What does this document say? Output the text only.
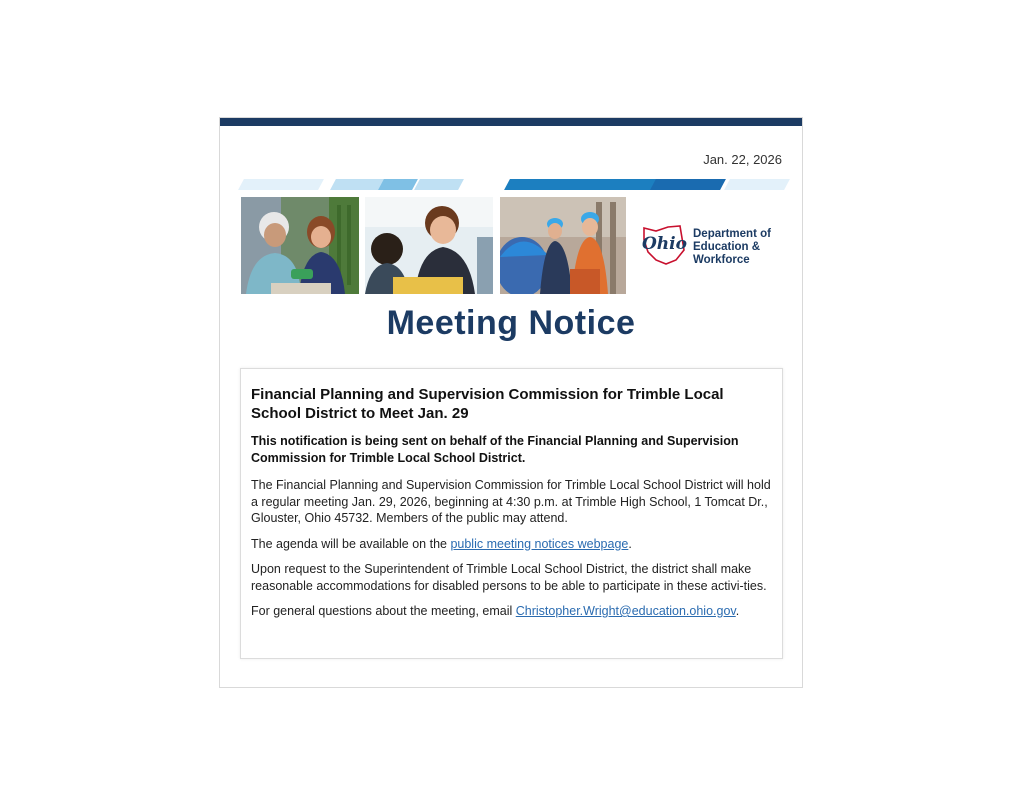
Jan. 22, 2026
Ohio Department of
Education &
Workforce
Meeting Notice

Financial Planning and Supervision Commission for Trimble Local School District to Meet Jan. 29

This notification is being sent on behalf of the Financial Planning and Supervision Commission for Trimble Local School District.

The Financial Planning and Supervision Commission for Trimble Local School District will hold a regular meeting Jan. 29, 2026, beginning at 4:30 p.m. at Trimble High School, 1 Tomcat Dr., Glouster, Ohio 45732. Members of the public may attend.

The agenda will be available on the public meeting notices webpage.

Upon request to the Superintendent of Trimble Local School District, the district shall make reasonable accommodations for disabled persons to be able to participate in these activi-ties.

For general questions about the meeting, email Christopher.Wright@education.ohio.gov.
